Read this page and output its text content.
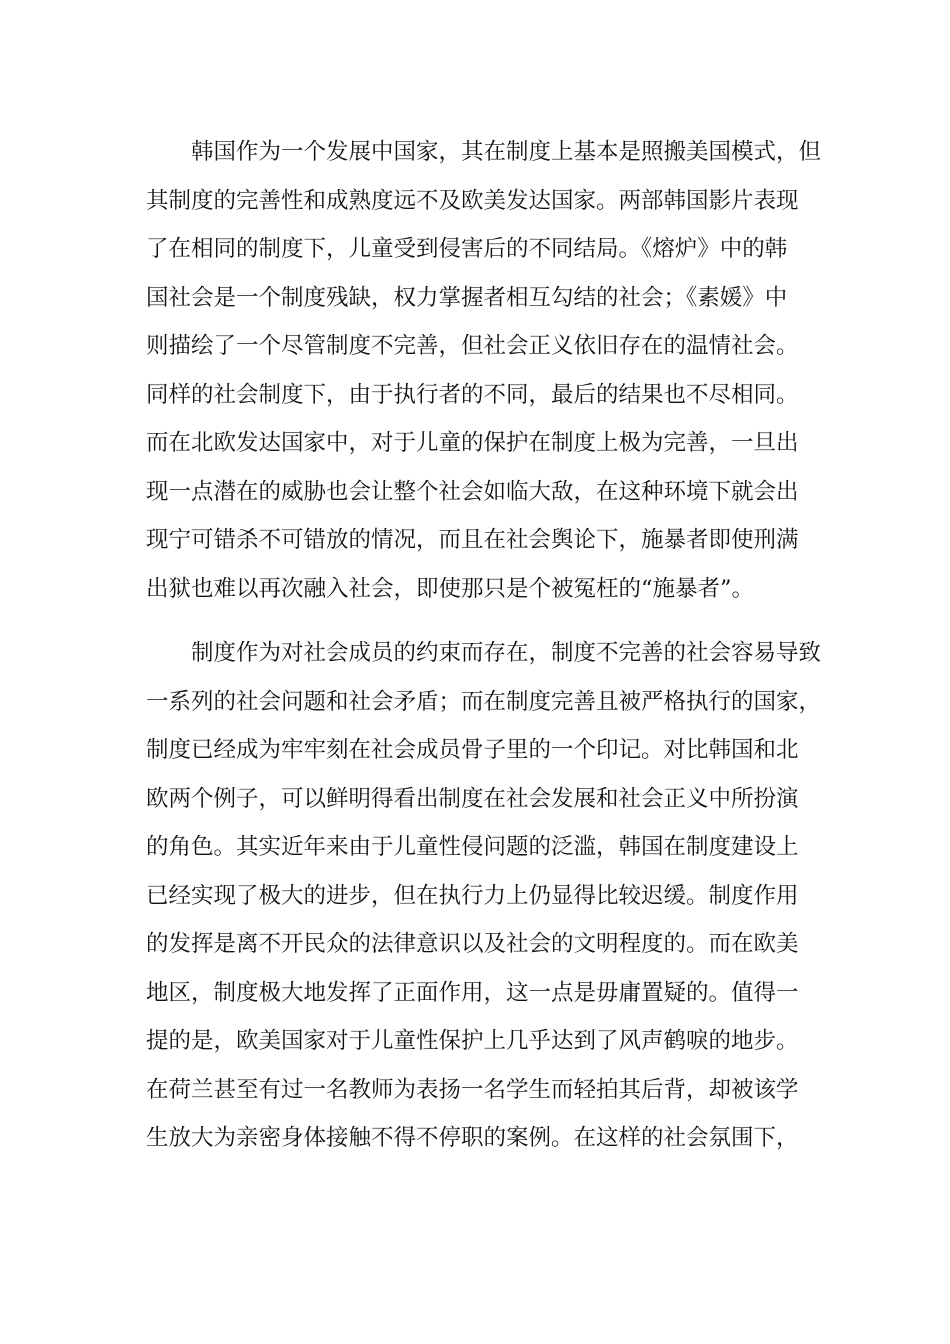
　　韩国作为一个发展中国家，其在制度上基本是照搬美国模式，但
其制度的完善性和成熟度远不及欧美发达国家。两部韩国影片表现
了在相同的制度下，儿童受到侵害后的不同结局。《熔炉》中的韩
国社会是一个制度残缺，权力掌握者相互勾结的社会；《素媛》中
则描绘了一个尽管制度不完善，但社会正义依旧存在的温情社会。
同样的社会制度下，由于执行者的不同，最后的结果也不尽相同。
而在北欧发达国家中，对于儿童的保护在制度上极为完善，一旦出
现一点潜在的威胁也会让整个社会如临大敌，在这种环境下就会出
现宁可错杀不可错放的情况，而且在社会舆论下，施暴者即使刑满
出狱也难以再次融入社会，即使那只是个被冤枉的“施暴者”。

　　制度作为对社会成员的约束而存在，制度不完善的社会容易导致
一系列的社会问题和社会矛盾；而在制度完善且被严格执行的国家，
制度已经成为牢牢刻在社会成员骨子里的一个印记。对比韩国和北
欧两个例子，可以鲜明得看出制度在社会发展和社会正义中所扮演
的角色。其实近年来由于儿童性侵问题的泛滥，韩国在制度建设上
已经实现了极大的进步，但在执行力上仍显得比较迟缓。制度作用
的发挥是离不开民众的法律意识以及社会的文明程度的。而在欧美
地区，制度极大地发挥了正面作用，这一点是毋庸置疑的。值得一
提的是，欧美国家对于儿童性保护上几乎达到了风声鹤唳的地步。
在荷兰甚至有过一名教师为表扬一名学生而轻拍其后背，却被该学
生放大为亲密身体接触不得不停职的案例。在这样的社会氛围下，
